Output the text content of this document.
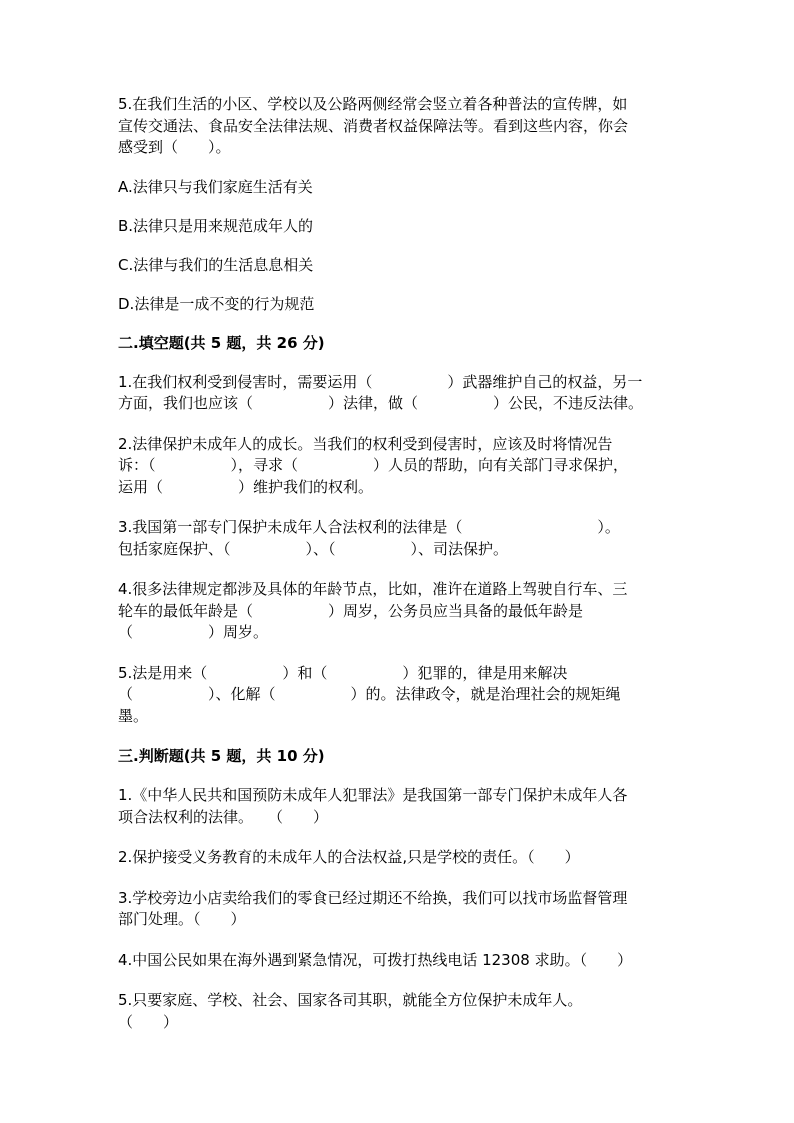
5.在我们生活的小区、学校以及公路两侧经常会竖立着各种普法的宣传牌，如
宣传交通法、食品安全法律法规、消费者权益保障法等。看到这些内容，你会
感受到（　　）。

A.法律只与我们家庭生活有关

B.法律只是用来规范成年人的

C.法律与我们的生活息息相关

D.法律是一成不变的行为规范

二.填空题(共 5 题，共 26 分)

1.在我们权利受到侵害时，需要运用（　　　　　）武器维护自己的权益，另一
方面，我们也应该（　　　　　）法律，做（　　　　　）公民，不违反法律。
2.法律保护未成年人的成长。当我们的权利受到侵害时，应该及时将情况告
诉：（　　　　　），寻求（　　　　　）人员的帮助，向有关部门寻求保护，
运用（　　　　　）维护我们的权利。
3.我国第一部专门保护未成年人合法权利的法律是（　　　　　　　　　）。
包括家庭保护、（　　　　　）、（　　　　　）、司法保护。
4.很多法律规定都涉及具体的年龄节点，比如，准许在道路上驾驶自行车、三
轮车的最低年龄是（　　　　　）周岁，公务员应当具备的最低年龄是
（　　　　　）周岁。
5.法是用来（　　　　　）和（　　　　　）犯罪的，律是用来解决
（　　　　　）、化解（　　　　　）的。法律政令，就是治理社会的规矩绳
墨。

三.判断题(共 5 题，共 10 分)

1.《中华人民共和国预防未成年人犯罪法》是我国第一部专门保护未成年人各
项合法权利的法律。　　（　　）
2.保护接受义务教育的未成年人的合法权益,只是学校的责任。（　　）
3.学校旁边小店卖给我们的零食已经过期还不给换，我们可以找市场监督管理
部门处理。（　　）
4.中国公民如果在海外遇到紧急情况，可拨打热线电话 12308 求助。（　　）
5.只要家庭、学校、社会、国家各司其职，就能全方位保护未成年人。
（　　）
